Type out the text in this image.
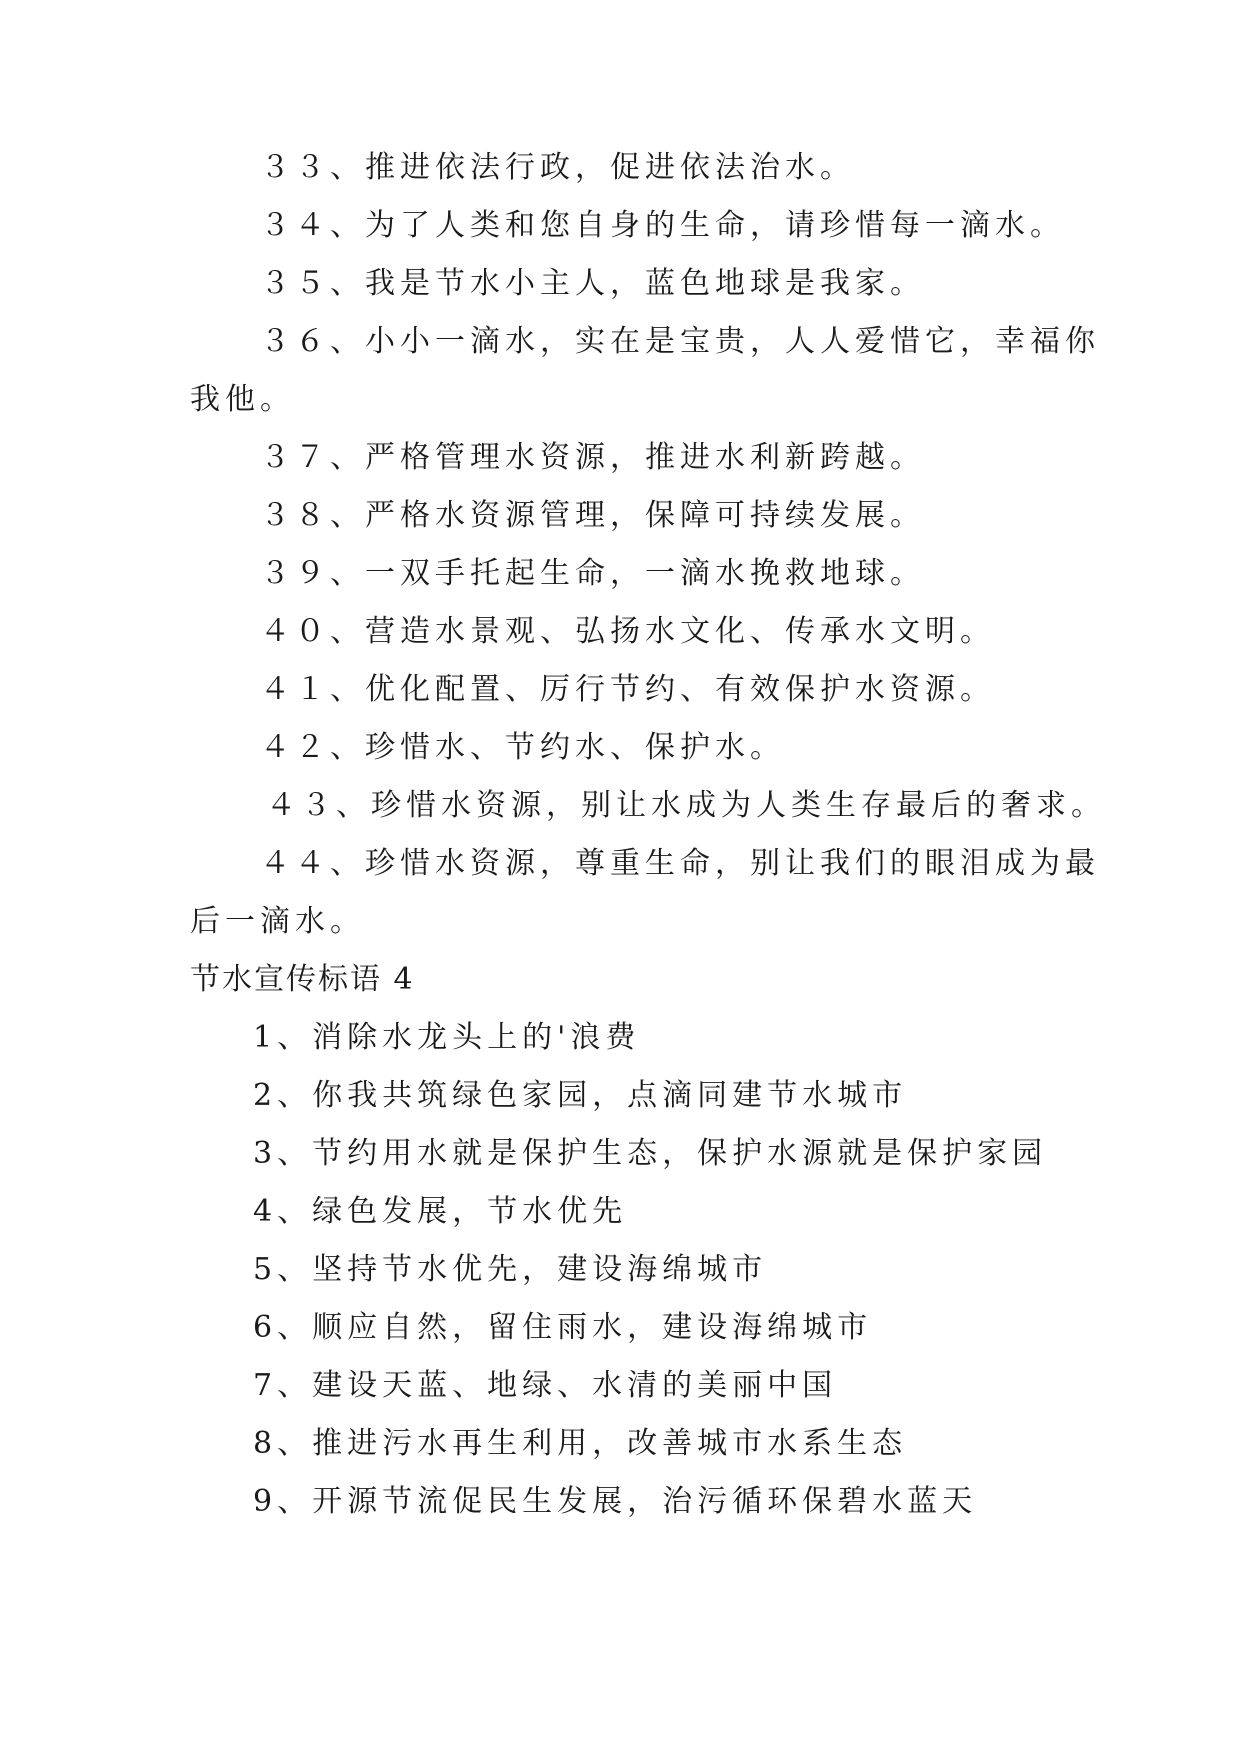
３３、推进依法行政，促进依法治水。

３４、为了人类和您自身的生命，请珍惜每一滴水。

３５、我是节水小主人，蓝色地球是我家。

３６、小小一滴水，实在是宝贵，人人爱惜它，幸福你

我他。

３７、严格管理水资源，推进水利新跨越。

３８、严格水资源管理，保障可持续发展。

３９、一双手托起生命，一滴水挽救地球。

４０、营造水景观、弘扬水文化、传承水文明。

４１、优化配置、厉行节约、有效保护水资源。

４２、珍惜水、节约水、保护水。

４３、珍惜水资源，别让水成为人类生存最后的奢求。

４４、珍惜水资源，尊重生命，别让我们的眼泪成为最

后一滴水。

节水宣传标语 4

1、消除水龙头上的'浪费

2、你我共筑绿色家园，点滴同建节水城市

3、节约用水就是保护生态，保护水源就是保护家园

4、绿色发展，节水优先

5、坚持节水优先，建设海绵城市

6、顺应自然，留住雨水，建设海绵城市

7、建设天蓝、地绿、水清的美丽中国

8、推进污水再生利用，改善城市水系生态

9、开源节流促民生发展，治污循环保碧水蓝天
